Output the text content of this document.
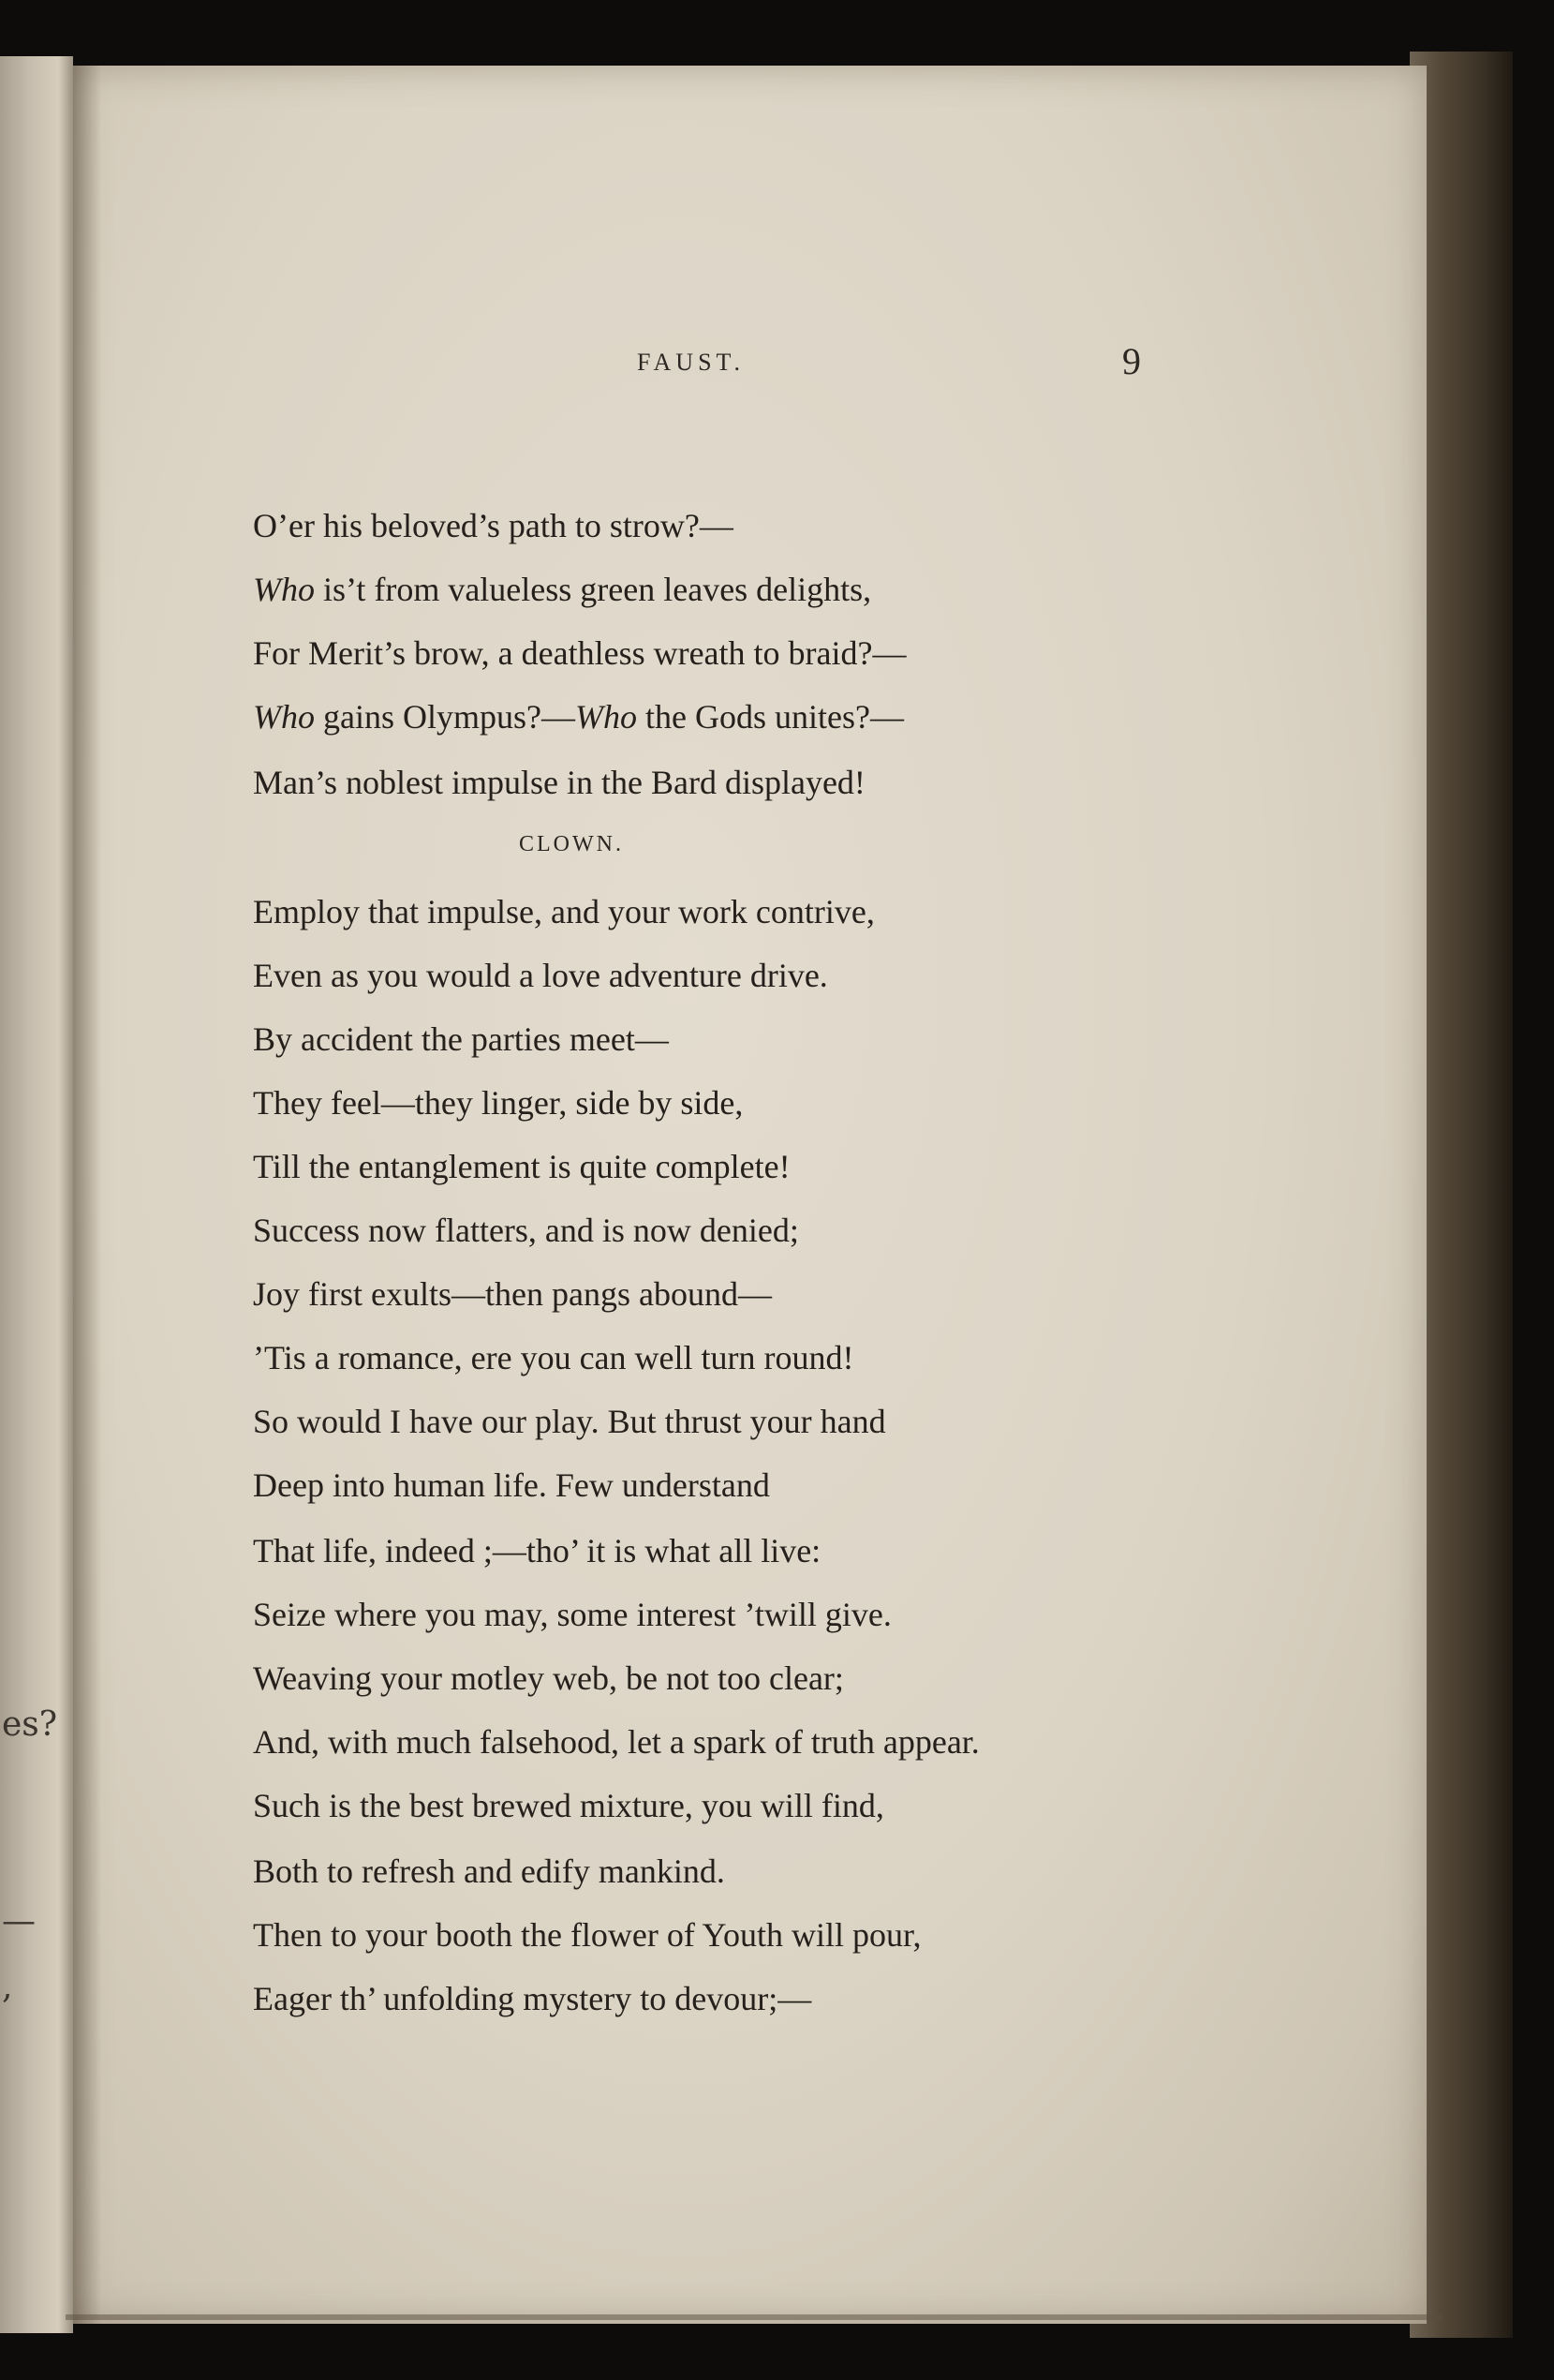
es?
—
,
FAUST.	9
O’er his beloved’s path to strow?—
Who is’t from valueless green leaves delights,
For Merit’s brow, a deathless wreath to braid?—
Who gains Olympus?—Who the Gods unites?—
Man’s noblest impulse in the Bard displayed!
CLOWN.
Employ that impulse, and your work contrive,
Even as you would a love adventure drive.
By accident the parties meet—
They feel—they linger, side by side,
Till the entanglement is quite complete!
Success now flatters, and is now denied;
Joy first exults—then pangs abound—
’Tis a romance, ere you can well turn round!
So would I have our play. But thrust your hand
Deep into human life. Few understand
That life, indeed ;—tho’ it is what all live:
Seize where you may, some interest ’twill give.
Weaving your motley web, be not too clear;
And, with much falsehood, let a spark of truth appear.
Such is the best brewed mixture, you will find,
Both to refresh and edify mankind.
Then to your booth the flower of Youth will pour,
Eager th’ unfolding mystery to devour;—
